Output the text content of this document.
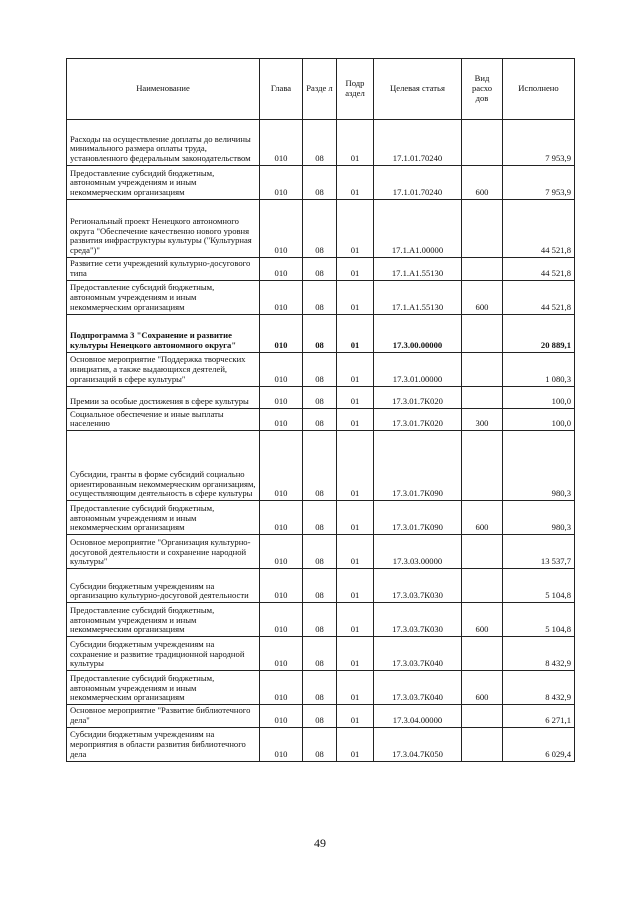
Наименование	Глава	Разде л	Подр аздел	Целевая статья	Вид расхо дов	Исполнено
Расходы на осуществление доплаты до величины минимального размера оплаты труда, установленного федеральным законодательством	010	08	01	17.1.01.70240		7 953,9
Предоставление субсидий бюджетным, автономным учреждениям и иным некоммерческим организациям	010	08	01	17.1.01.70240	600	7 953,9
Региональный проект Ненецкого автономного округа "Обеспечение качественно нового уровня развития инфраструктуры культуры ("Культурная среда")"	010	08	01	17.1.A1.00000		44 521,8
Развитие сети учреждений культурно-досугового типа	010	08	01	17.1.A1.55130		44 521,8
Предоставление субсидий бюджетным, автономным учреждениям и иным некоммерческим организациям	010	08	01	17.1.A1.55130	600	44 521,8
Подпрограмма 3 "Сохранение и развитие культуры Ненецкого автономного округа"	010	08	01	17.3.00.00000		20 889,1
Основное мероприятие "Поддержка творческих инициатив, а также выдающихся деятелей, организаций в сфере культуры"	010	08	01	17.3.01.00000		1 080,3
Премии за особые достижения в сфере культуры	010	08	01	17.3.01.7К020		100,0
Социальное обеспечение и иные выплаты населению	010	08	01	17.3.01.7К020	300	100,0
Субсидии, гранты в форме субсидий социально ориентированным некоммерческим организациям, осуществляющим деятельность в сфере культуры	010	08	01	17.3.01.7К090		980,3
Предоставление субсидий бюджетным, автономным учреждениям и иным некоммерческим организациям	010	08	01	17.3.01.7К090	600	980,3
Основное мероприятие "Организация культурно-досуговой деятельности и сохранение народной культуры"	010	08	01	17.3.03.00000		13 537,7
Субсидии бюджетным учреждениям на организацию культурно-досуговой деятельности	010	08	01	17.3.03.7К030		5 104,8
Предоставление субсидий бюджетным, автономным учреждениям и иным некоммерческим организациям	010	08	01	17.3.03.7К030	600	5 104,8
Субсидии бюджетным учреждениям на сохранение и развитие традиционной народной культуры	010	08	01	17.3.03.7К040		8 432,9
Предоставление субсидий бюджетным, автономным учреждениям и иным некоммерческим организациям	010	08	01	17.3.03.7К040	600	8 432,9
Основное мероприятие "Развитие библиотечного дела"	010	08	01	17.3.04.00000		6 271,1
Субсидии бюджетным учреждениям на мероприятия в области развития библиотечного дела	010	08	01	17.3.04.7К050		6 029,4
49
